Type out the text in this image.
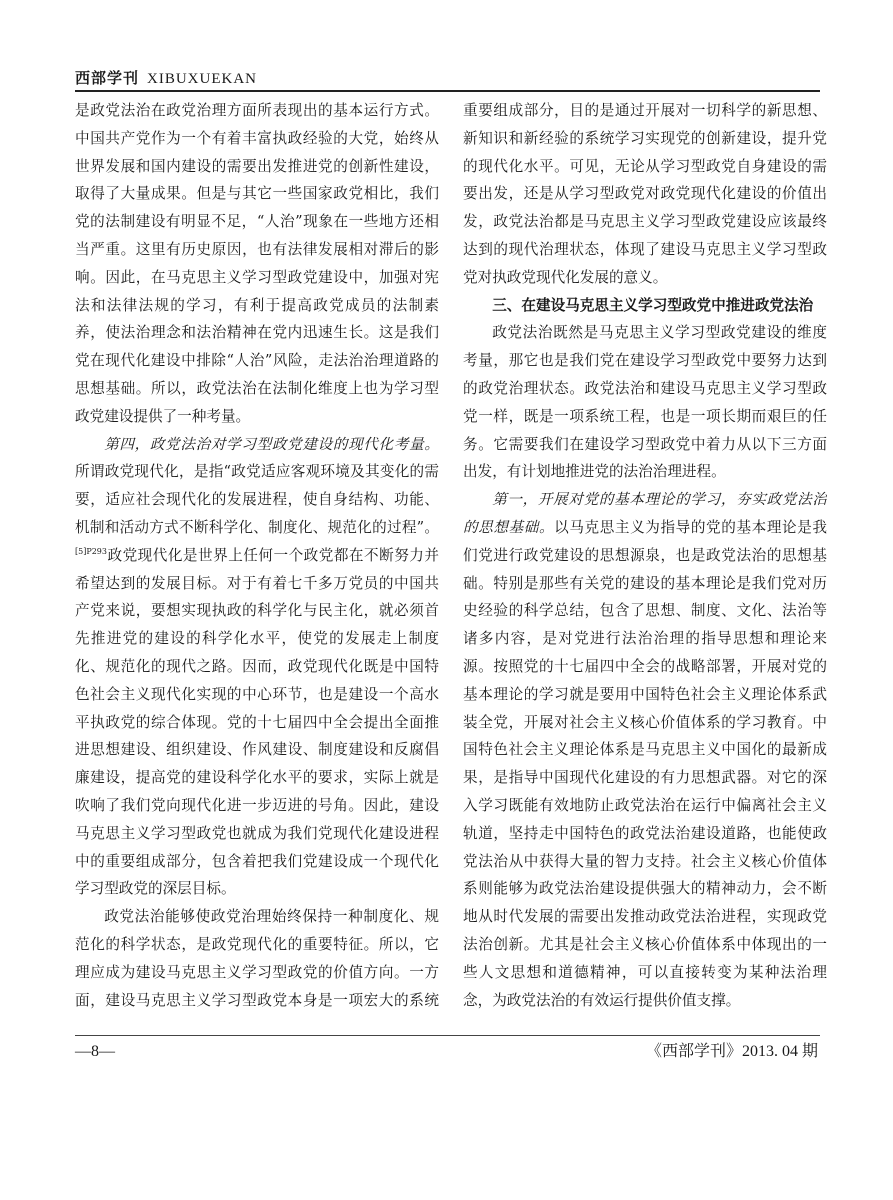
西部学刊 XIBUXUEKAN

是政党法治在政党治理方面所表现出的基本运行方式。中国共产党作为一个有着丰富执政经验的大党，始终从世界发展和国内建设的需要出发推进党的创新性建设，取得了大量成果。但是与其它一些国家政党相比，我们党的法制建设有明显不足，“人治”现象在一些地方还相当严重。这里有历史原因，也有法律发展相对滞后的影响。因此，在马克思主义学习型政党建设中，加强对宪法和法律法规的学习，有利于提高政党成员的法制素养，使法治理念和法治精神在党内迅速生长。这是我们党在现代化建设中排除“人治”风险，走法治治理道路的思想基础。所以，政党法治在法制化维度上也为学习型政党建设提供了一种考量。

第四，政党法治对学习型政党建设的现代化考量。所谓政党现代化，是指“政党适应客观环境及其变化的需要，适应社会现代化的发展进程，使自身结构、功能、机制和活动方式不断科学化、制度化、规范化的过程”。$^{[5]P293}$政党现代化是世界上任何一个政党都在不断努力并希望达到的发展目标。对于有着七千多万党员的中国共产党来说，要想实现执政的科学化与民主化，就必须首先推进党的建设的科学化水平，使党的发展走上制度化、规范化的现代之路。因而，政党现代化既是中国特色社会主义现代化实现的中心环节，也是建设一个高水平执政党的综合体现。党的十七届四中全会提出全面推进思想建设、组织建设、作风建设、制度建设和反腐倡廉建设，提高党的建设科学化水平的要求，实际上就是吹响了我们党向现代化进一步迈进的号角。因此，建设马克思主义学习型政党也就成为我们党现代化建设进程中的重要组成部分，包含着把我们党建设成一个现代化学习型政党的深层目标。

政党法治能够使政党治理始终保持一种制度化、规范化的科学状态，是政党现代化的重要特征。所以，它理应成为建设马克思主义学习型政党的价值方向。一方面，建设马克思主义学习型政党本身是一项宏大的系统

重要组成部分，目的是通过开展对一切科学的新思想、新知识和新经验的系统学习实现党的创新建设，提升党的现代化水平。可见，无论从学习型政党自身建设的需要出发，还是从学习型政党对政党现代化建设的价值出发，政党法治都是马克思主义学习型政党建设应该最终达到的现代治理状态，体现了建设马克思主义学习型政党对执政党现代化发展的意义。

三、在建设马克思主义学习型政党中推进政党法治

政党法治既然是马克思主义学习型政党建设的维度考量，那它也是我们党在建设学习型政党中要努力达到的政党治理状态。政党法治和建设马克思主义学习型政党一样，既是一项系统工程，也是一项长期而艰巨的任务。它需要我们在建设学习型政党中着力从以下三方面出发，有计划地推进党的法治治理进程。

第一，开展对党的基本理论的学习，夯实政党法治的思想基础。以马克思主义为指导的党的基本理论是我们党进行政党建设的思想源泉，也是政党法治的思想基础。特别是那些有关党的建设的基本理论是我们党对历史经验的科学总结，包含了思想、制度、文化、法治等诸多内容，是对党进行法治治理的指导思想和理论来源。按照党的十七届四中全会的战略部署，开展对党的基本理论的学习就是要用中国特色社会主义理论体系武装全党，开展对社会主义核心价值体系的学习教育。中国特色社会主义理论体系是马克思主义中国化的最新成果，是指导中国现代化建设的有力思想武器。对它的深入学习既能有效地防止政党法治在运行中偏离社会主义轨道，坚持走中国特色的政党法治建设道路，也能使政党法治从中获得大量的智力支持。社会主义核心价值体系则能够为政党法治建设提供强大的精神动力，会不断地从时代发展的需要出发推动政党法治进程，实现政党法治创新。尤其是社会主义核心价值体系中体现出的一些人文思想和道德精神，可以直接转变为某种法治理念，为政党法治的有效运行提供价值支撑。

—8—	《西部学刊》2013. 04 期
